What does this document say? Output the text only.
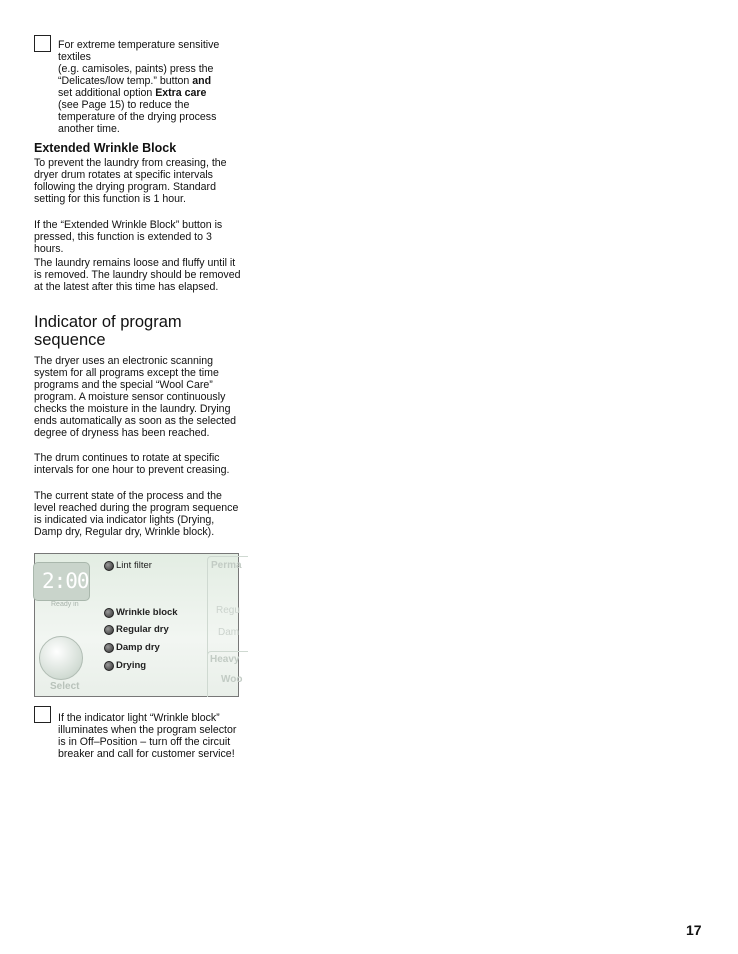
For extreme temperature sensitive
textiles
(e.g. camisoles, paints) press the
“Delicates/low temp.” button and
set additional option Extra care
(see Page 15) to reduce the
temperature of the drying process
another time.
Extended Wrinkle Block

To prevent the laundry from creasing, the dryer drum rotates at specific intervals following the drying program. Standard setting for this function is 1 hour.

If the “Extended Wrinkle Block” button is pressed, this function is extended to 3 hours.

The laundry remains loose and fluffy until it is removed. The laundry should be removed at the latest after this time has elapsed.

Indicator of program
sequence

The dryer uses an electronic scanning system for all programs except the time programs and the special “Wool Care” program. A moisture sensor continuously checks the moisture in the laundry. Drying ends automatically as soon as the selected degree of dryness has been reached.

The drum continues to rotate at specific intervals for one hour to prevent creasing.

The current state of the process and the level reached during the program sequence is indicated via indicator lights (Drying, Damp dry, Regular dry, Wrinkle block).

2:00
Ready in
Select
Lint filter
Wrinkle block
Regular dry
Damp dry
Drying
Perma
Regu
Dam
Heavy
Woo
If the indicator light “Wrinkle block”
illuminates when the program selector is in Off–Position – turn off the circuit breaker and call for customer service!
17
